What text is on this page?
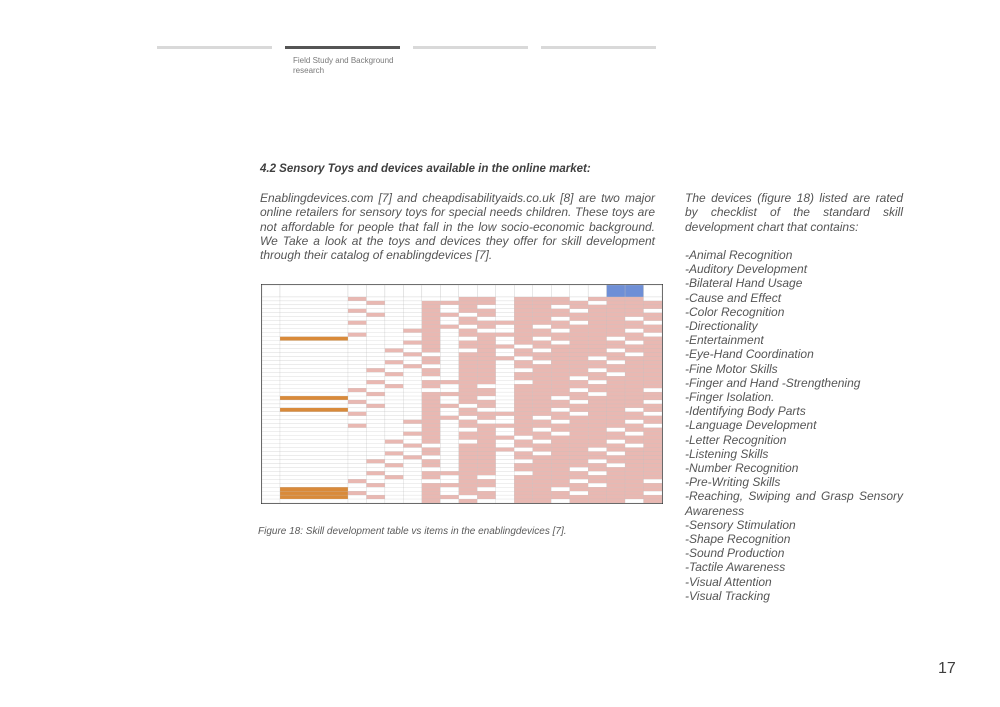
Field Study and Background research
4.2 Sensory Toys and devices available in the online market:
Enablingdevices.com [7] and cheapdisabilityaids.co.uk [8] are two major online retailers for sensory toys for special needs children. These toys are not affordable for people that fall in the low socio-economic background. We Take a look at the toys and devices they offer for skill development through their catalog of enablingdevices [7].
Figure 18: Skill development table vs items in the enablingdevices [7].
The devices (figure 18) listed are rated by checklist of the standard skill development chart that contains:
-Animal Recognition
-Auditory Development
-Bilateral Hand Usage
-Cause and Effect
-Color Recognition
-Directionality
-Entertainment
-Eye-Hand Coordination
-Fine Motor Skills
-Finger and Hand -Strengthening
-Finger Isolation.
-Identifying Body Parts
-Language Development
-Letter Recognition
-Listening Skills
-Number Recognition
-Pre-Writing Skills
-Reaching, Swiping and Grasp Sensory Awareness
-Sensory Stimulation
-Shape Recognition
-Sound Production
-Tactile Awareness
-Visual Attention
-Visual Tracking
17
